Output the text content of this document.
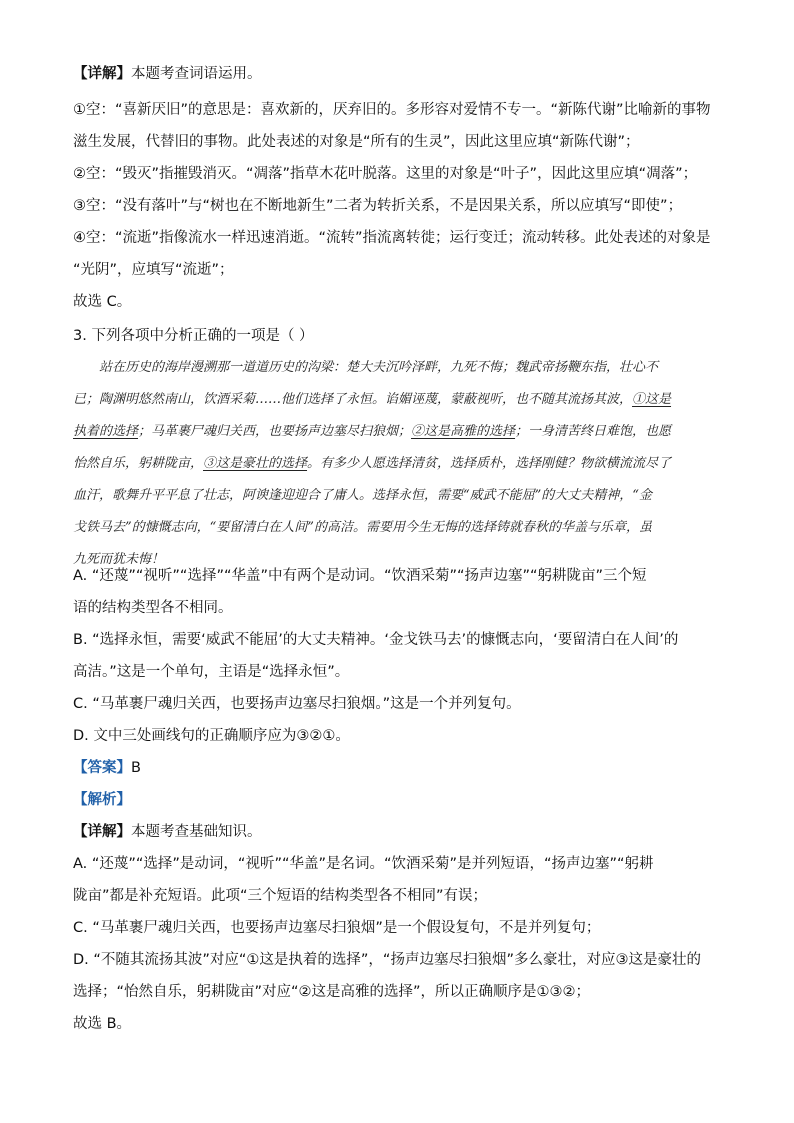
【详解】本题考查词语运用。
①空：“喜新厌旧”的意思是：喜欢新的，厌弃旧的。多形容对爱情不专一。“新陈代谢”比喻新的事物
滋生发展，代替旧的事物。此处表述的对象是“所有的生灵”，因此这里应填“新陈代谢”；
②空：“毁灭”指摧毁消灭。“凋落”指草木花叶脱落。这里的对象是“叶子”，因此这里应填“凋落”；
③空：“没有落叶”与“树也在不断地新生”二者为转折关系，不是因果关系，所以应填写“即使”；
④空：“流逝”指像流水一样迅速消逝。“流转”指流离转徙；运行变迁；流动转移。此处表述的对象是
“光阴”，应填写“流逝”；
故选 C。
3. 下列各项中分析正确的一项是（ ）
站在历史的海岸漫溯那一道道历史的沟梁：楚大夫沉吟泽畔，九死不悔；魏武帝扬鞭东指，壮心不
已；陶渊明悠然南山，饮酒采菊……他们选择了永恒。谄媚诬蔑，蒙蔽视听，也不随其流扬其波，①这是
执着的选择；马革裹尸魂归关西，也要扬声边塞尽扫狼烟；②这是高雅的选择；一身清苦终日难饱，也愿
怡然自乐，躬耕陇亩，③这是豪壮的选择。有多少人愿选择清贫，选择质朴，选择刚健？物欲横流流尽了
血汗，歌舞升平平息了壮志，阿谀逢迎迎合了庸人。选择永恒，需要“威武不能屈”的大丈夫精神，“金
戈铁马去”的慷慨志向，“要留清白在人间”的高洁。需要用今生无悔的选择铸就春秋的华盖与乐章，虽
九死而犹未悔！
A. “还蔑”“视听”“选择”“华盖”中有两个是动词。“饮酒采菊”“扬声边塞”“躬耕陇亩”三个短
语的结构类型各不相同。
B. “选择永恒，需要‘威武不能屈’的大丈夫精神。‘金戈铁马去’的慷慨志向，‘要留清白在人间’的
高洁。”这是一个单句，主语是“选择永恒”。
C. “马革裹尸魂归关西，也要扬声边塞尽扫狼烟。”这是一个并列复句。
D. 文中三处画线句的正确顺序应为③②①。
【答案】B
【解析】
【详解】本题考查基础知识。
A. “还蔑”“选择”是动词，“视听”“华盖”是名词。“饮酒采菊”是并列短语，“扬声边塞”“躬耕
陇亩”都是补充短语。此项“三个短语的结构类型各不相同”有误；
C. “马革裹尸魂归关西，也要扬声边塞尽扫狼烟”是一个假设复句，不是并列复句；
D. “不随其流扬其波”对应“①这是执着的选择”，“扬声边塞尽扫狼烟”多么豪壮，对应③这是豪壮的
选择；“怡然自乐，躬耕陇亩”对应“②这是高雅的选择”，所以正确顺序是①③②；
故选 B。
